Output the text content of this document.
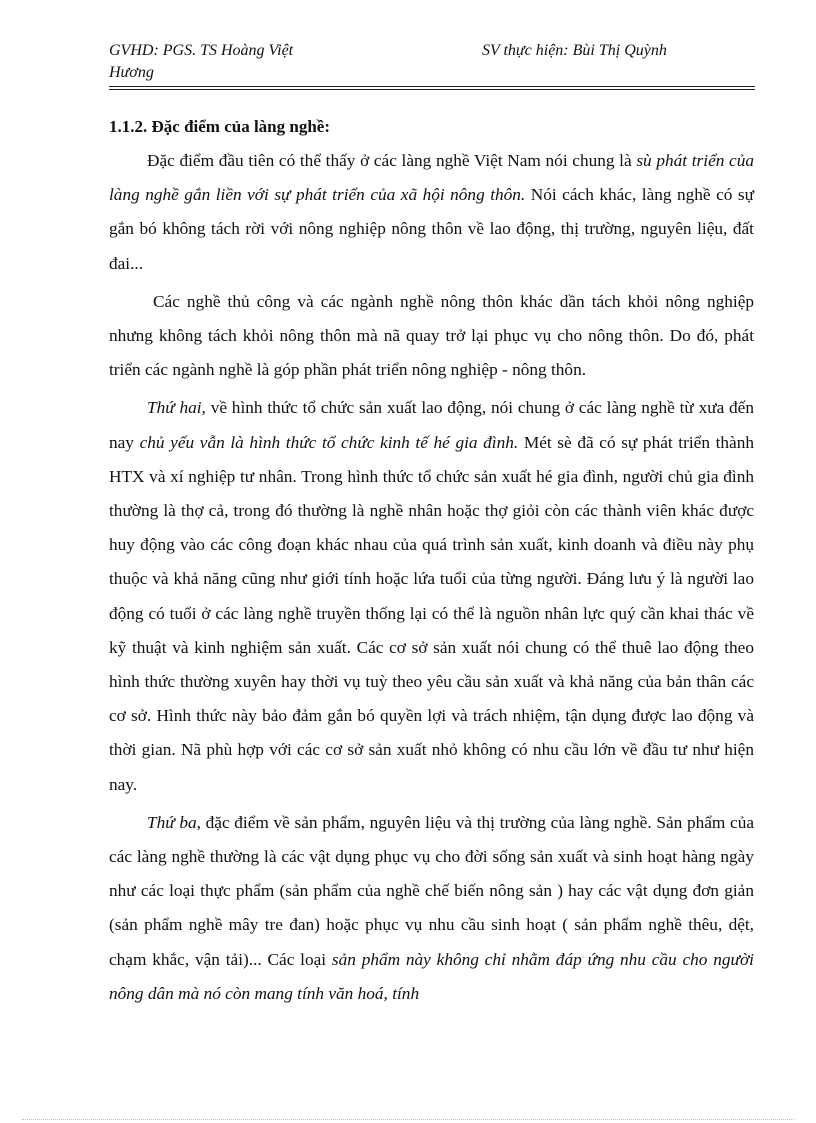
GVHD: PGS. TS Hoàng Việt Hương
SV thực hiện: Bùi Thị Quỳnh
1.1.2. Đặc điểm của làng nghề:

Đặc điểm đầu tiên có thể thấy ở các làng nghề Việt Nam nói chung là sù phát triển của làng nghề gắn liền với sự phát triển của xã hội nông thôn. Nói cách khác, làng nghề có sự gắn bó không tách rời với nông nghiệp nông thôn về lao động, thị trường, nguyên liệu, đất đai...

Các nghề thủ công và các ngành nghề nông thôn khác dần tách khỏi nông nghiệp nhưng không tách khỏi nông thôn mà nã quay trở lại phục vụ cho nông thôn. Do đó, phát triển các ngành nghề là góp phần phát triển nông nghiệp - nông thôn.

Thứ hai, về hình thức tổ chức sản xuất lao động, nói chung ở các làng nghề từ xưa đến nay chủ yếu vẫn là hình thức tổ chức kinh tế hé gia đình. Mét sè đã có sự phát triển thành HTX và xí nghiệp tư nhân. Trong hình thức tổ chức sản xuất hé gia đình, người chủ gia đình thường là thợ cả, trong đó thường là nghề nhân hoặc thợ giỏi còn các thành viên khác được huy động vào các công đoạn khác nhau của quá trình sản xuất, kinh doanh và điều này phụ thuộc và khả năng cũng như giới tính hoặc lứa tuổi của từng người. Đáng lưu ý là người lao động có tuổi ở các làng nghề truyền thống lại có thể là nguồn nhân lực quý cần khai thác về kỹ thuật và kinh nghiệm sản xuất. Các cơ sở sản xuất nói chung có thể thuê lao động theo hình thức thường xuyên hay thời vụ tuỳ theo yêu cầu sản xuất và khả năng của bản thân các cơ sở. Hình thức này bảo đảm gắn bó quyền lợi và trách nhiệm, tận dụng được lao động và thời gian. Nã phù hợp với các cơ sở sản xuất nhỏ không có nhu cầu lớn về đầu tư như hiện nay.

Thứ ba, đặc điểm về sản phẩm, nguyên liệu và thị trường của làng nghề. Sản phẩm của các làng nghề thường là các vật dụng phục vụ cho đời sống sản xuất và sinh hoạt hàng ngày như các loại thực phẩm (sản phẩm của nghề chế biến nông sản ) hay các vật dụng đơn giản (sản phẩm nghề mây tre đan) hoặc phục vụ nhu cầu sinh hoạt ( sản phẩm nghề thêu, dệt, chạm khắc, vận tải)... Các loại sản phẩm này không chỉ nhằm đáp ứng nhu cầu cho người nông dân mà nó còn mang tính văn hoá, tính
